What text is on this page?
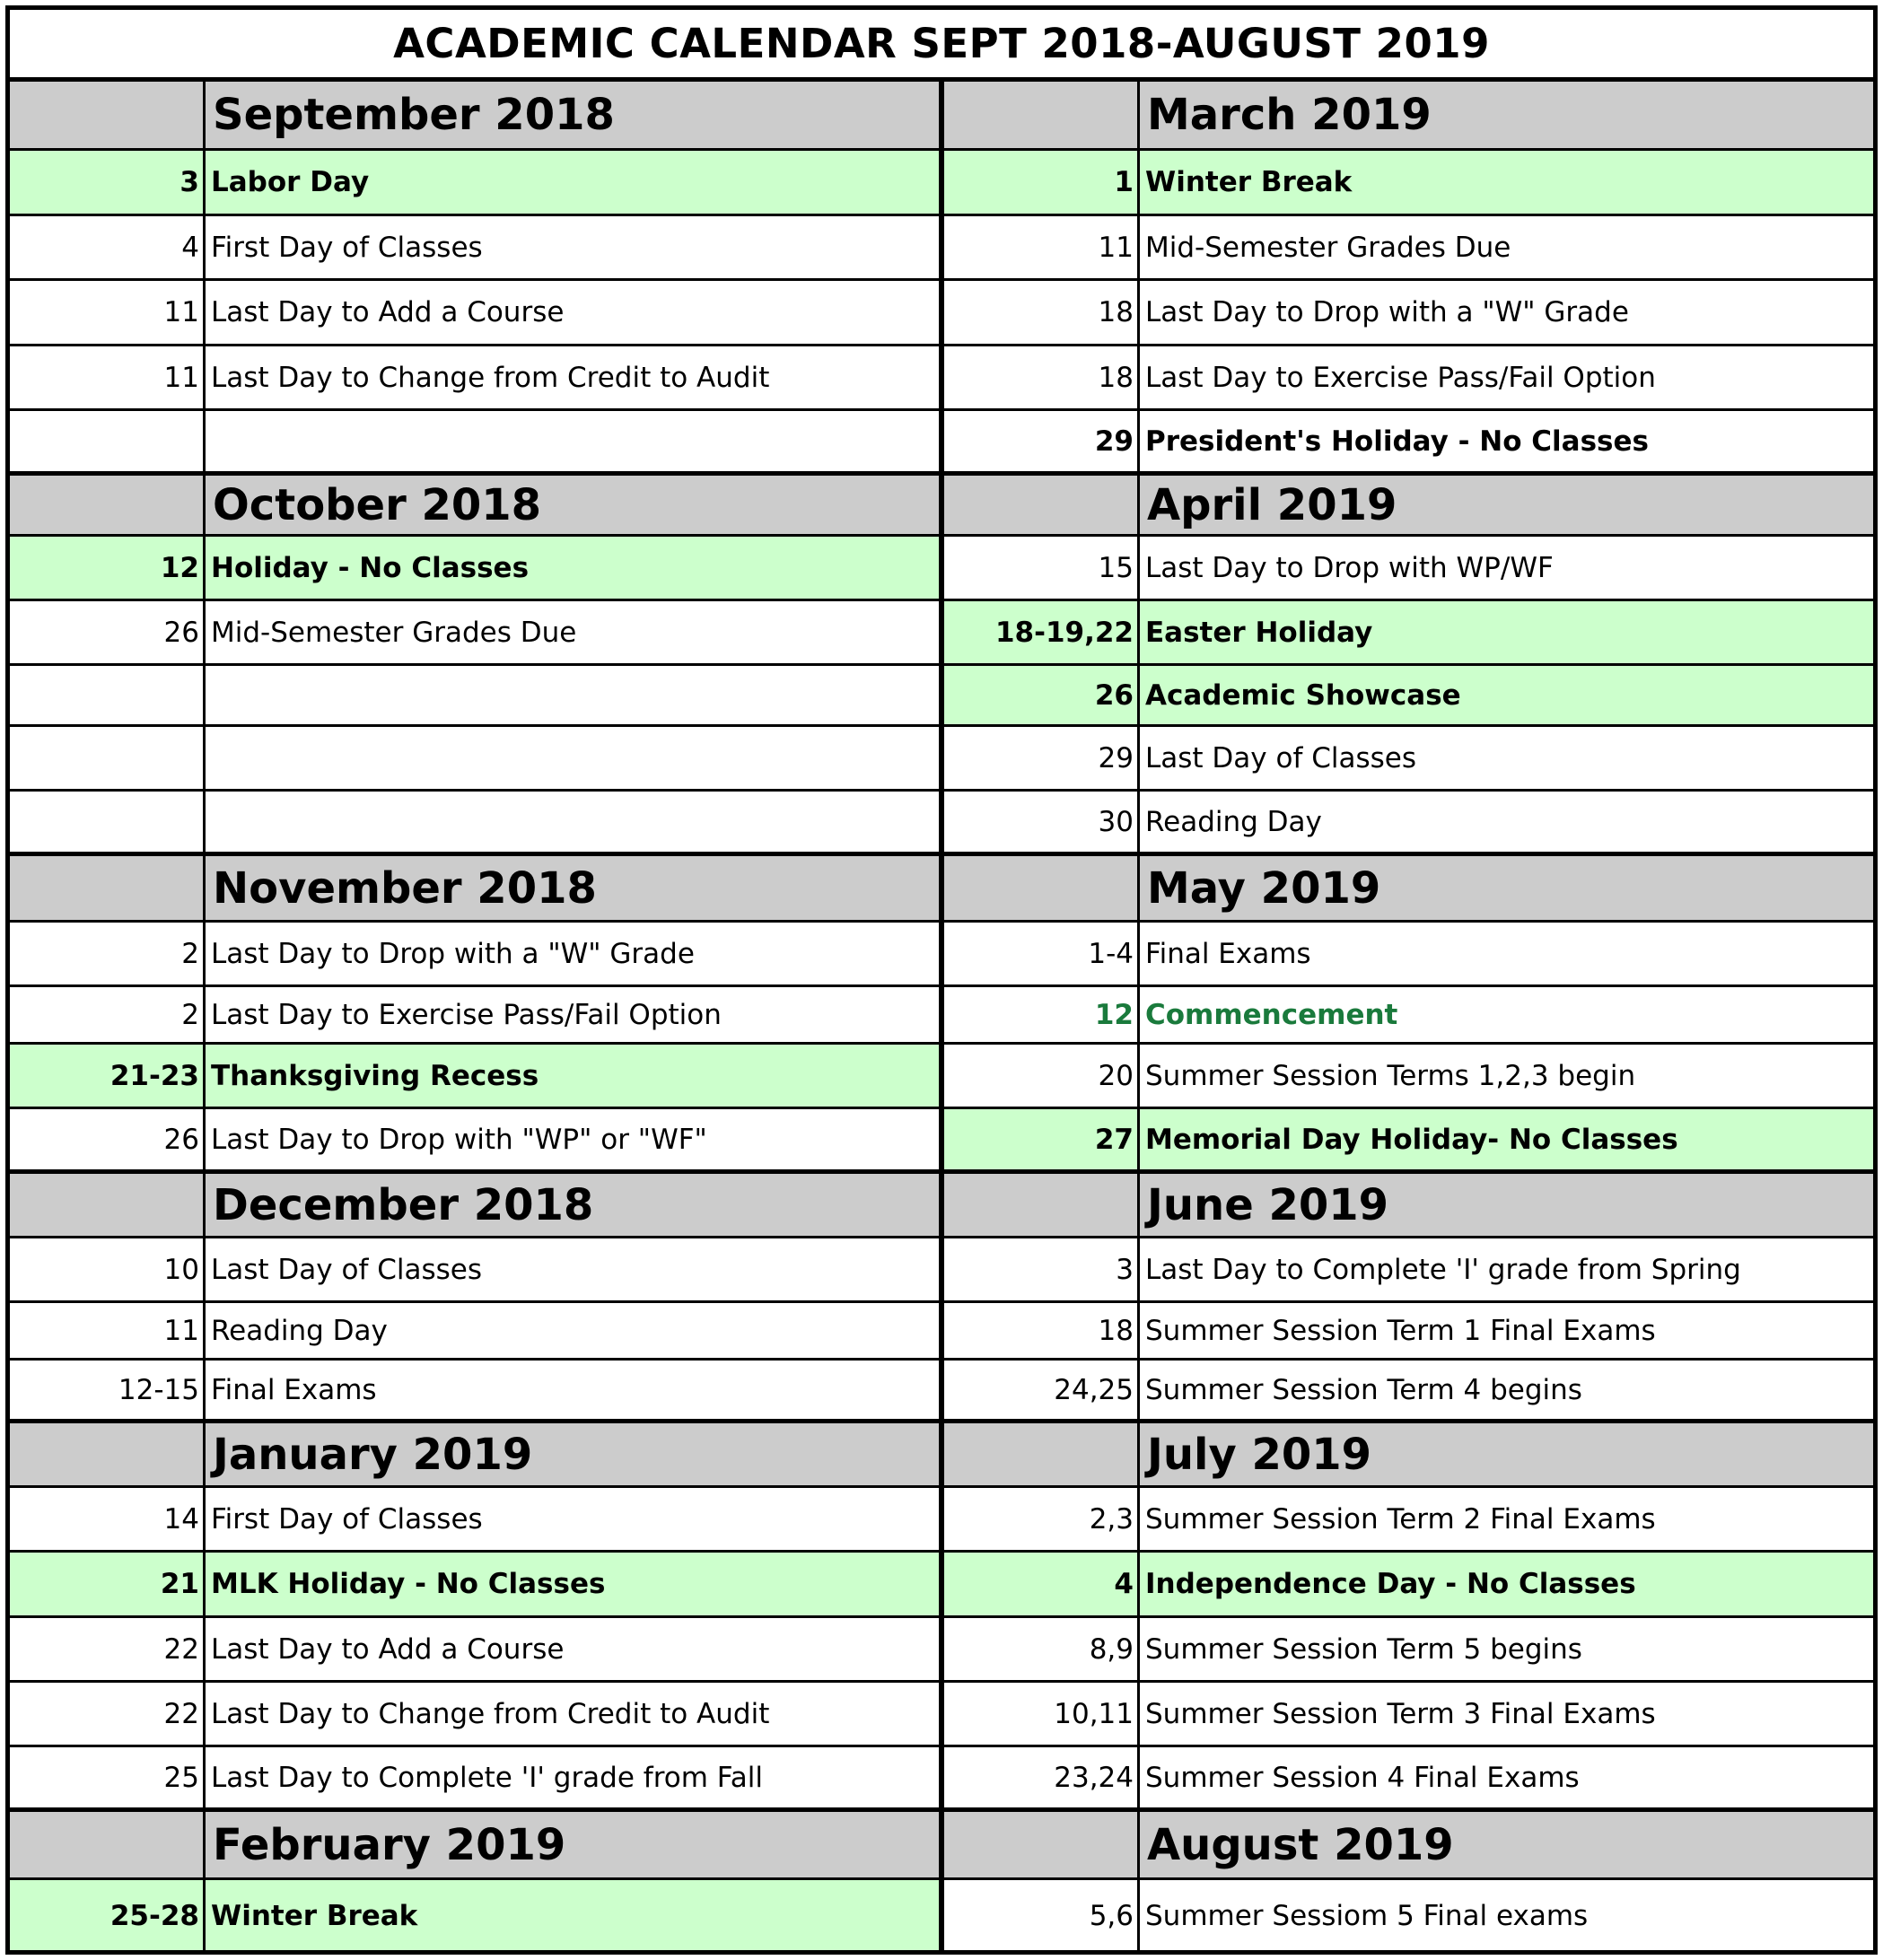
ACADEMIC CALENDAR SEPT 2018-AUGUST 2019
September 2018
3 Labor Day
4 First Day of Classes
11 Last Day to Add a Course
11 Last Day to Change from Credit to Audit
October 2018
12 Holiday - No Classes
26 Mid-Semester Grades Due
November 2018
2 Last Day to Drop with a "W" Grade
2 Last Day to Exercise Pass/Fail Option
21-23 Thanksgiving Recess
26 Last Day to Drop with "WP" or "WF"
December 2018
10 Last Day of Classes
11 Reading Day
12-15 Final Exams
January 2019
14 First Day of Classes
21 MLK Holiday - No Classes
22 Last Day to Add a Course
22 Last Day to Change from Credit to Audit
25 Last Day to Complete 'I' grade from Fall
February 2019
25-28 Winter Break
March 2019
1 Winter Break
11 Mid-Semester Grades Due
18 Last Day to Drop with a "W" Grade
18 Last Day to Exercise Pass/Fail Option
29 President's Holiday - No Classes
April 2019
15 Last Day to Drop with WP/WF
18-19,22 Easter Holiday
26 Academic Showcase
29 Last Day of Classes
30 Reading Day
May 2019
1-4 Final Exams
12 Commencement
20 Summer Session Terms 1,2,3 begin
27 Memorial Day Holiday- No Classes
June 2019
3 Last Day to Complete 'I' grade from Spring
18 Summer Session Term 1 Final Exams
24,25 Summer Session Term 4 begins
July 2019
2,3 Summer Session Term 2 Final Exams
4 Independence Day - No Classes
8,9 Summer Session Term 5 begins
10,11 Summer Session Term 3 Final Exams
23,24 Summer Session 4 Final Exams
August 2019
5,6 Summer Sessiom 5 Final exams
